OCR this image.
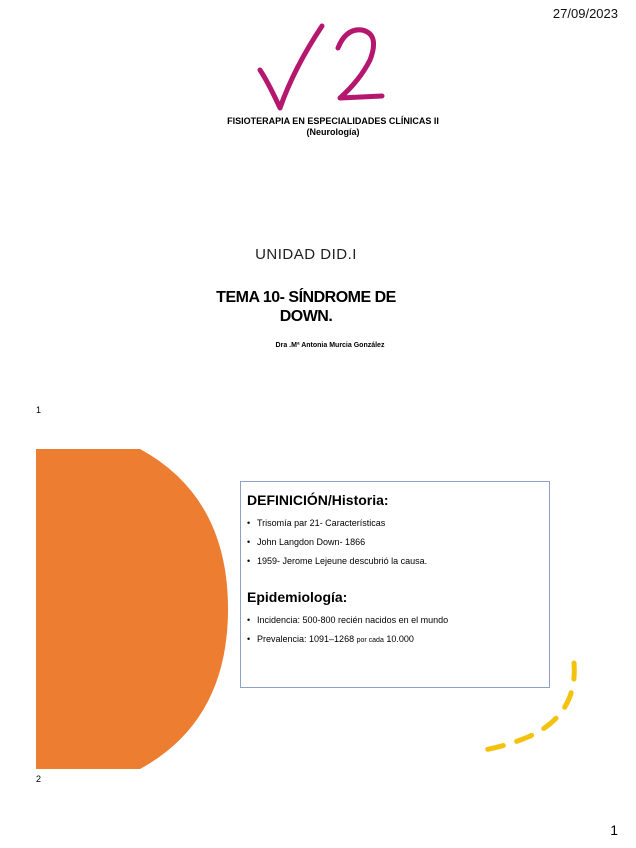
27/09/2023
FISIOTERAPIA EN ESPECIALIDADES CLÍNICAS II
(Neurología)
UNIDAD DID.I
TEMA 10- SÍNDROME DE
DOWN.
Dra .Mª Antonia Murcia González
1
DEFINICIÓN/Historia:
• Trisomía par 21- Características
• John Langdon Down- 1866
• 1959- Jerome Lejeune descubrió la causa.
Epidemiología:
• Incidencia: 500-800 recién nacidos en el mundo
• Prevalencia: 1091–1268 por cada 10.000
2
1
